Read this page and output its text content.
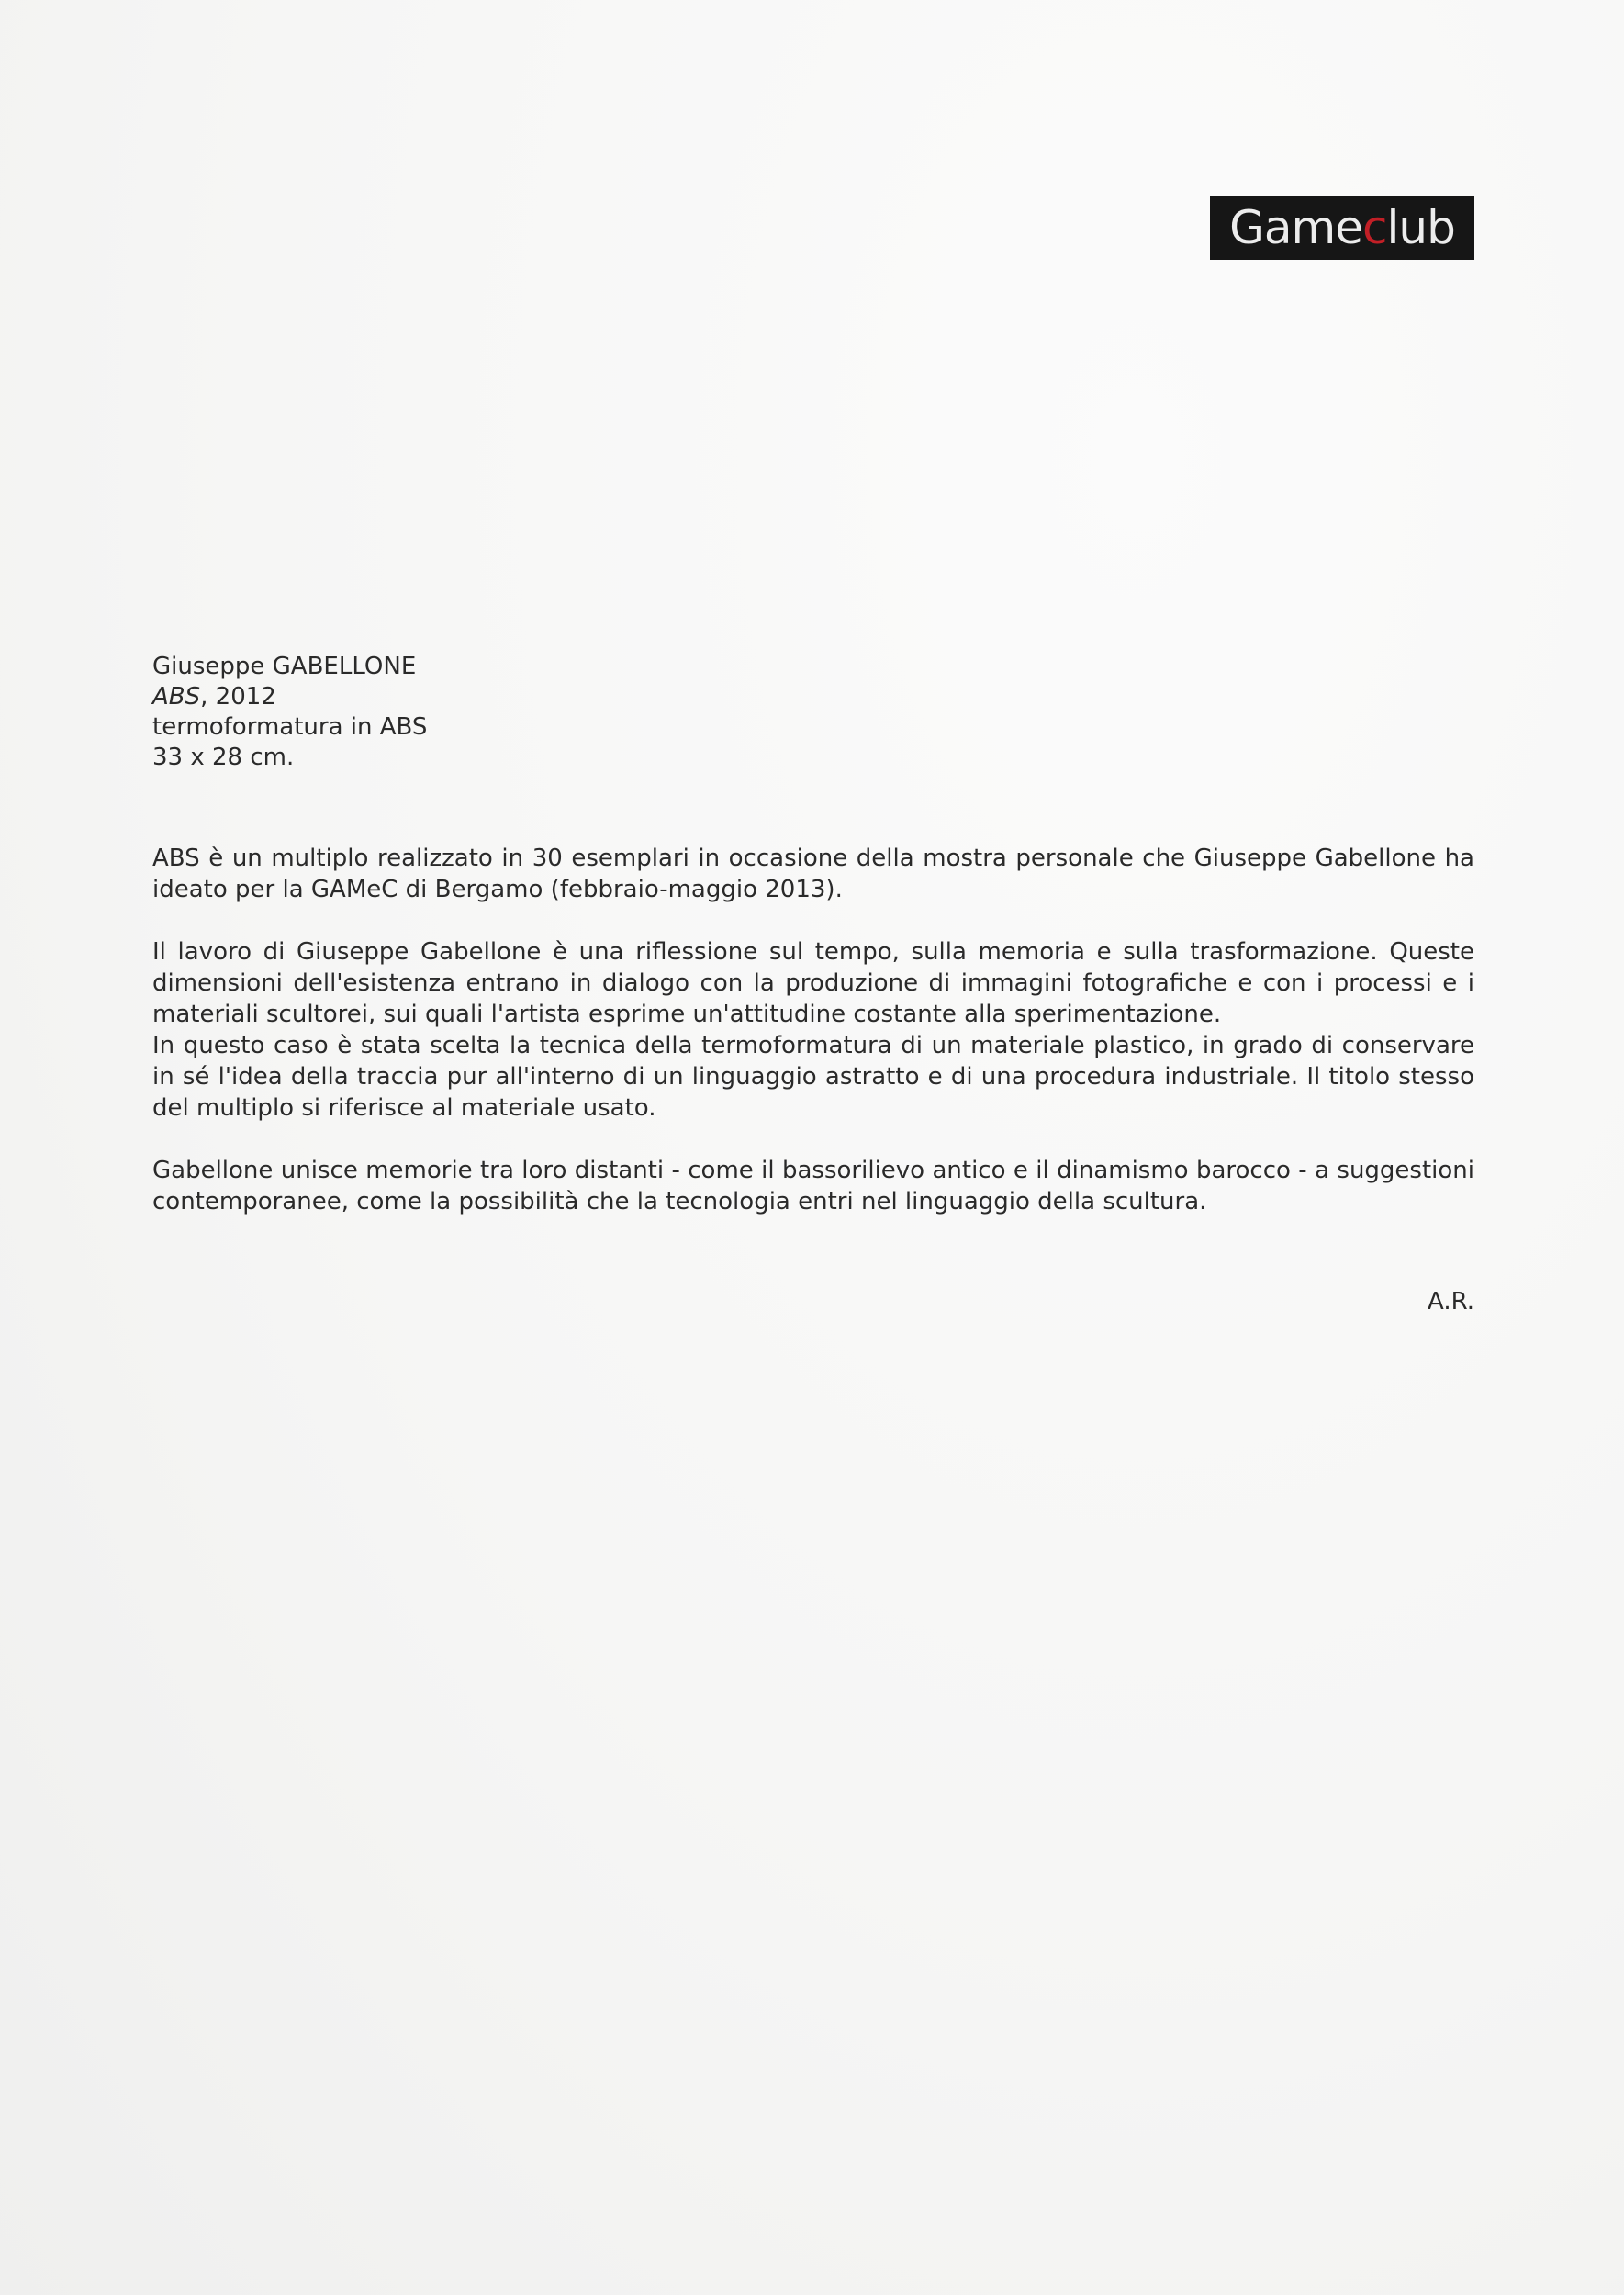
Gameclub
Giuseppe GABELLONE
ABS, 2012
termoformatura in ABS
33 x 28 cm.

ABS è un multiplo realizzato in 30 esemplari in occasione della mostra personale che Giuseppe Gabellone ha ideato per la GAMeC di Bergamo (febbraio-maggio 2013).

Il lavoro di Giuseppe Gabellone è una riflessione sul tempo, sulla memoria e sulla trasformazione. Queste dimensioni dell'esistenza entrano in dialogo con la produzione di immagini fotografiche e con i processi e i materiali scultorei, sui quali l'artista esprime un'attitudine costante alla sperimentazione.

In questo caso è stata scelta la tecnica della termoformatura di un materiale plastico, in grado di conservare in sé l'idea della traccia pur all'interno di un linguaggio astratto e di una procedura industriale. Il titolo stesso del multiplo si riferisce al materiale usato.

Gabellone unisce memorie tra loro distanti - come il bassorilievo antico e il dinamismo barocco - a suggestioni contemporanee, come la possibilità che la tecnologia entri nel linguaggio della scultura.

A.R.
